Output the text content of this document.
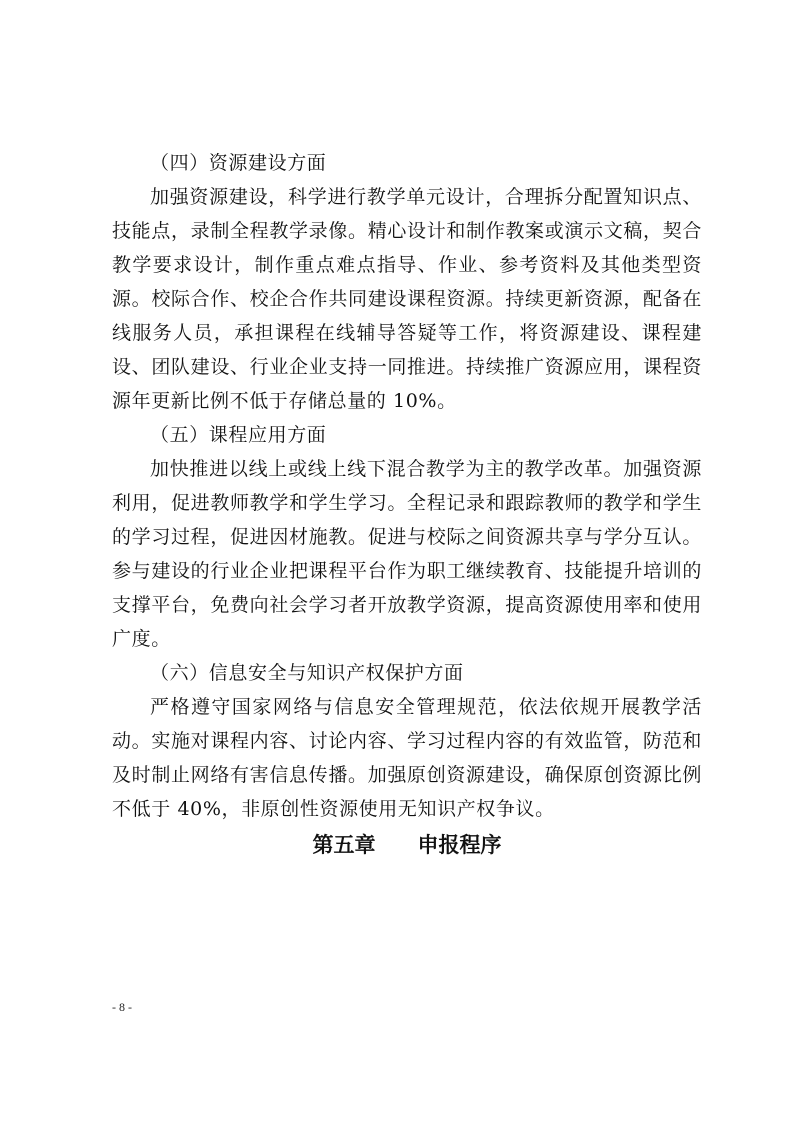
（四）资源建设方面

加强资源建设，科学进行教学单元设计，合理拆分配置知识点、技能点，录制全程教学录像。精心设计和制作教案或演示文稿，契合教学要求设计，制作重点难点指导、作业、参考资料及其他类型资源。校际合作、校企合作共同建设课程资源。持续更新资源，配备在线服务人员，承担课程在线辅导答疑等工作，将资源建设、课程建设、团队建设、行业企业支持一同推进。持续推广资源应用，课程资源年更新比例不低于存储总量的 10%。

（五）课程应用方面

加快推进以线上或线上线下混合教学为主的教学改革。加强资源利用，促进教师教学和学生学习。全程记录和跟踪教师的教学和学生的学习过程，促进因材施教。促进与校际之间资源共享与学分互认。参与建设的行业企业把课程平台作为职工继续教育、技能提升培训的支撑平台，免费向社会学习者开放教学资源，提高资源使用率和使用广度。

（六）信息安全与知识产权保护方面

严格遵守国家网络与信息安全管理规范，依法依规开展教学活动。实施对课程内容、讨论内容、学习过程内容的有效监管，防范和及时制止网络有害信息传播。加强原创资源建设，确保原创资源比例不低于 40%，非原创性资源使用无知识产权争议。

第五章　　申报程序

- 8 -
